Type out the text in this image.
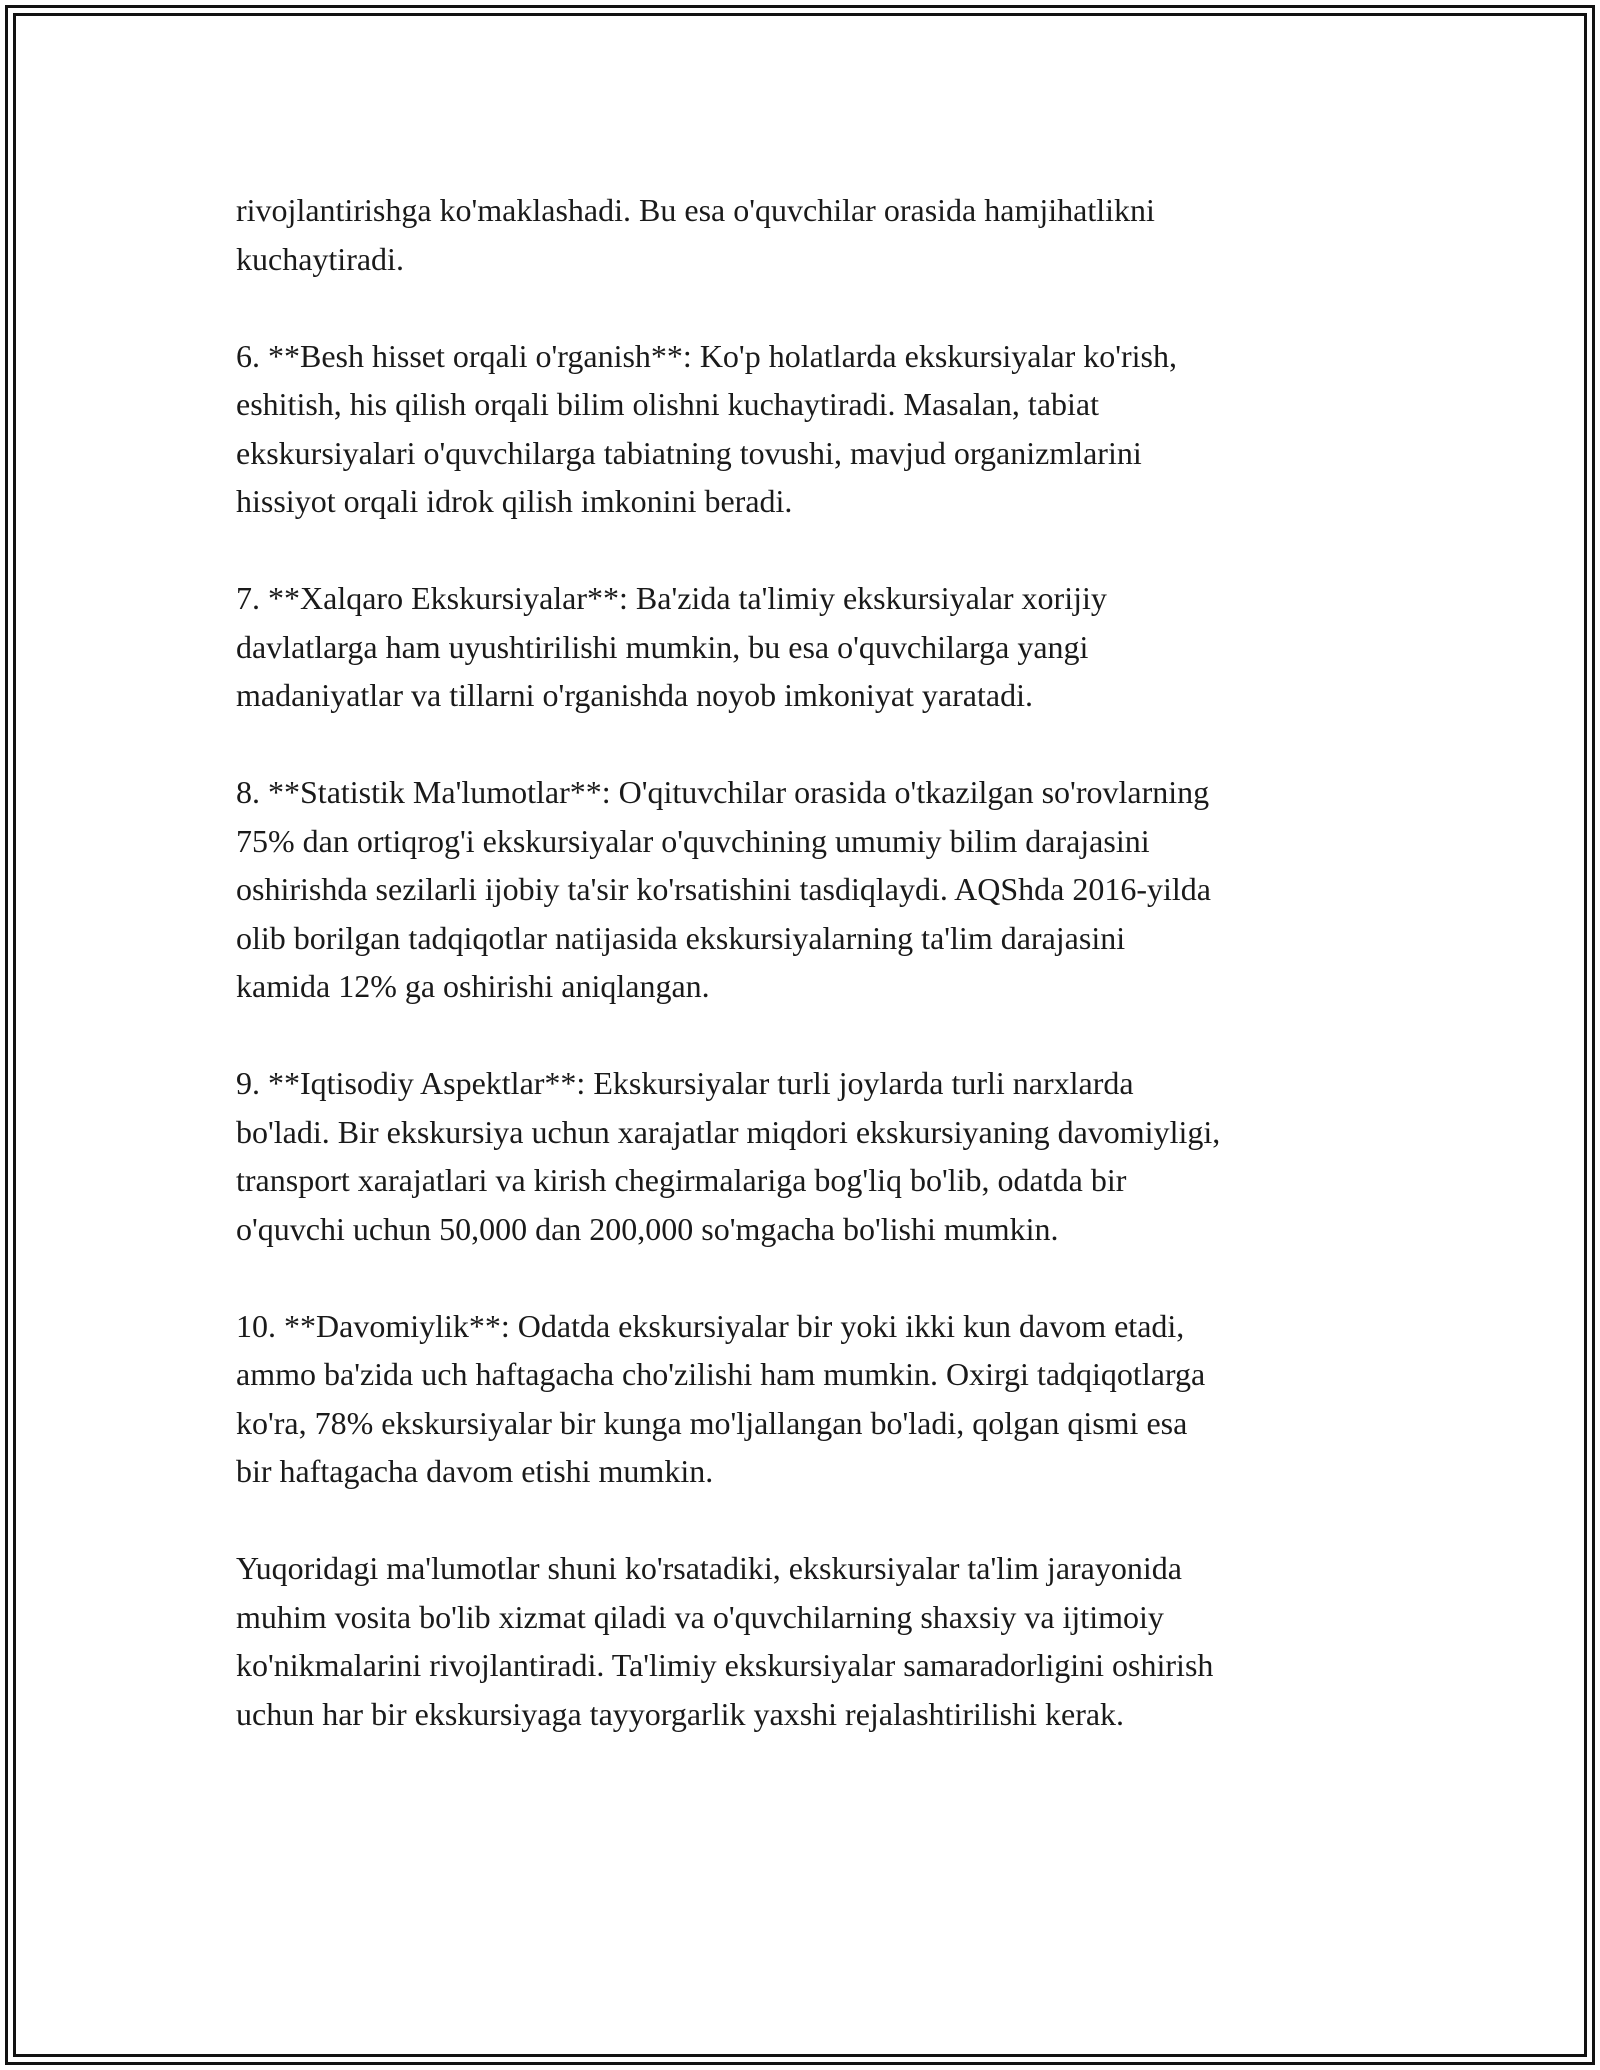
rivojlantirishga ko'maklashadi. Bu esa o'quvchilar orasida hamjihatlikni
kuchaytiradi.

6. **Besh hisset orqali o'rganish**: Ko'p holatlarda ekskursiyalar ko'rish,
eshitish, his qilish orqali bilim olishni kuchaytiradi. Masalan, tabiat
ekskursiyalari o'quvchilarga tabiatning tovushi, mavjud organizmlarini
hissiyot orqali idrok qilish imkonini beradi.

7. **Xalqaro Ekskursiyalar**: Ba'zida ta'limiy ekskursiyalar xorijiy
davlatlarga ham uyushtirilishi mumkin, bu esa o'quvchilarga yangi
madaniyatlar va tillarni o'rganishda noyob imkoniyat yaratadi.

8. **Statistik Ma'lumotlar**: O'qituvchilar orasida o'tkazilgan so'rovlarning
75% dan ortiqrog'i ekskursiyalar o'quvchining umumiy bilim darajasini
oshirishda sezilarli ijobiy ta'sir ko'rsatishini tasdiqlaydi. AQShda 2016-yilda
olib borilgan tadqiqotlar natijasida ekskursiyalarning ta'lim darajasini
kamida 12% ga oshirishi aniqlangan.

9. **Iqtisodiy Aspektlar**: Ekskursiyalar turli joylarda turli narxlarda
bo'ladi. Bir ekskursiya uchun xarajatlar miqdori ekskursiyaning davomiyligi,
transport xarajatlari va kirish chegirmalariga bog'liq bo'lib, odatda bir
o'quvchi uchun 50,000 dan 200,000 so'mgacha bo'lishi mumkin.

10. **Davomiylik**: Odatda ekskursiyalar bir yoki ikki kun davom etadi,
ammo ba'zida uch haftagacha cho'zilishi ham mumkin. Oxirgi tadqiqotlarga
ko'ra, 78% ekskursiyalar bir kunga mo'ljallangan bo'ladi, qolgan qismi esa
bir haftagacha davom etishi mumkin.

Yuqoridagi ma'lumotlar shuni ko'rsatadiki, ekskursiyalar ta'lim jarayonida
muhim vosita bo'lib xizmat qiladi va o'quvchilarning shaxsiy va ijtimoiy
ko'nikmalarini rivojlantiradi. Ta'limiy ekskursiyalar samaradorligini oshirish
uchun har bir ekskursiyaga tayyorgarlik yaxshi rejalashtirilishi kerak.
